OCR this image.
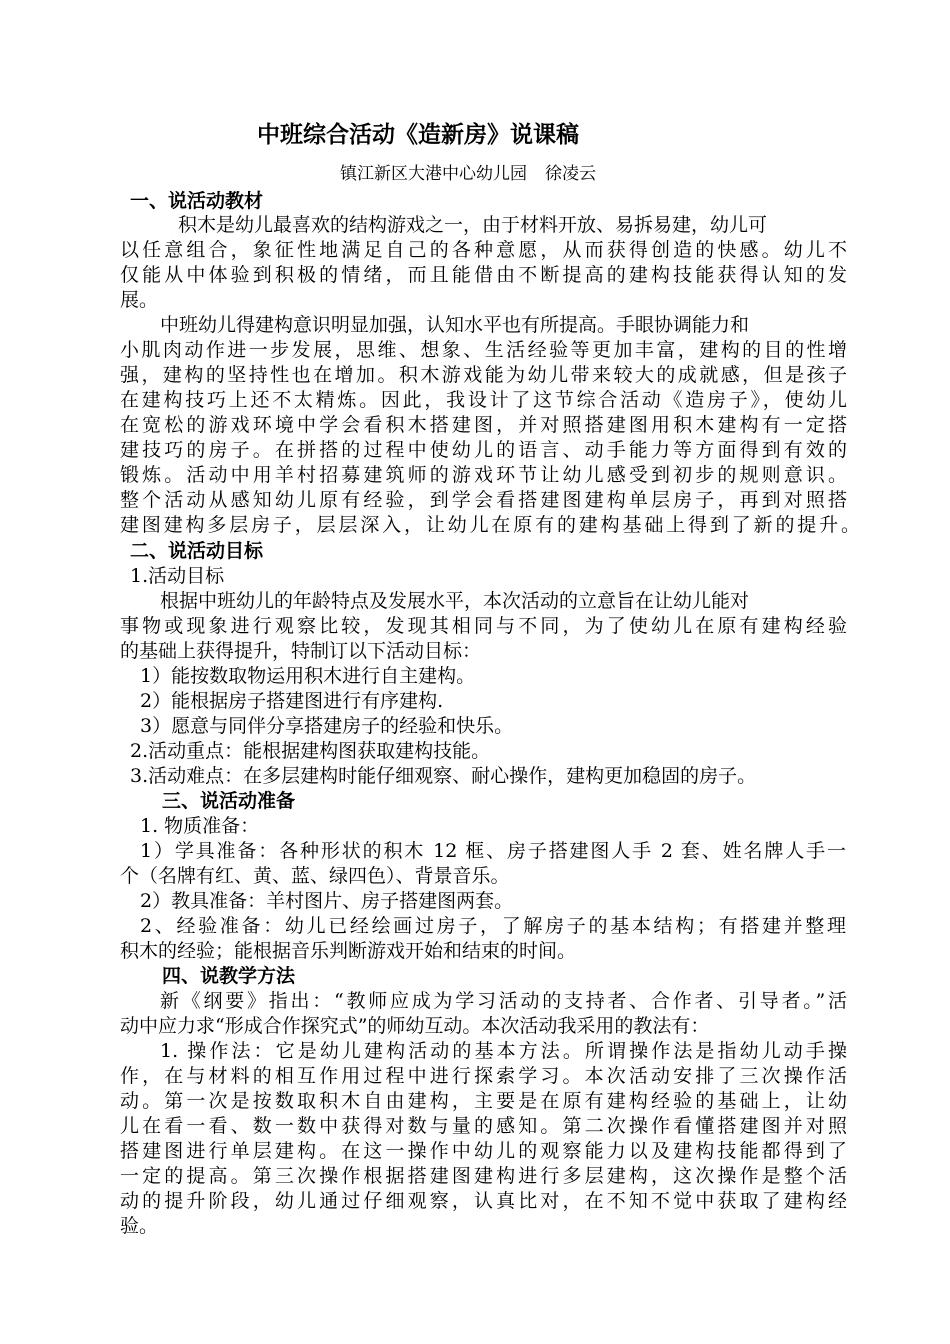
中班综合活动《造新房》说课稿
镇江新区大港中心幼儿园 徐凌云
一、说活动教材
积木是幼儿最喜欢的结构游戏之一，由于材料开放、易拆易建，幼儿可
以任意组合，象征性地满足自己的各种意愿，从而获得创造的快感。幼儿不
仅能从中体验到积极的情绪，而且能借由不断提高的建构技能获得认知的发
展。
中班幼儿得建构意识明显加强，认知水平也有所提高。手眼协调能力和
小肌肉动作进一步发展，思维、想象、生活经验等更加丰富，建构的目的性增
强，建构的坚持性也在增加。积木游戏能为幼儿带来较大的成就感，但是孩子
在建构技巧上还不太精炼。因此，我设计了这节综合活动《造房子》，使幼儿
在宽松的游戏环境中学会看积木搭建图，并对照搭建图用积木建构有一定搭
建技巧的房子。在拼搭的过程中使幼儿的语言、动手能力等方面得到有效的
锻炼。活动中用羊村招募建筑师的游戏环节让幼儿感受到初步的规则意识。
整个活动从感知幼儿原有经验，到学会看搭建图建构单层房子，再到对照搭
建图建构多层房子，层层深入，让幼儿在原有的建构基础上得到了新的提升。
二、说活动目标
1.活动目标
根据中班幼儿的年龄特点及发展水平，本次活动的立意旨在让幼儿能对
事物或现象进行观察比较，发现其相同与不同，为了使幼儿在原有建构经验
的基础上获得提升，特制订以下活动目标：
1）能按数取物运用积木进行自主建构。
2）能根据房子搭建图进行有序建构.
3）愿意与同伴分享搭建房子的经验和快乐。
2.活动重点：能根据建构图获取建构技能。
3.活动难点：在多层建构时能仔细观察、耐心操作，建构更加稳固的房子。
三、说活动准备
1. 物质准备：
1）学具准备：各种形状的积木 12 框、房子搭建图人手 2 套、姓名牌人手一
个（名牌有红、黄、蓝、绿四色）、背景音乐。
2）教具准备：羊村图片、房子搭建图两套。
2、经验准备：幼儿已经绘画过房子，了解房子的基本结构；有搭建并整理
积木的经验；能根据音乐判断游戏开始和结束的时间。
四、说教学方法
新《纲要》指出：“教师应成为学习活动的支持者、合作者、引导者。”活
动中应力求“形成合作探究式”的师幼互动。本次活动我采用的教法有：
1. 操作法：它是幼儿建构活动的基本方法。所谓操作法是指幼儿动手操
作，在与材料的相互作用过程中进行探索学习。本次活动安排了三次操作活
动。第一次是按数取积木自由建构，主要是在原有建构经验的基础上，让幼
儿在看一看、数一数中获得对数与量的感知。第二次操作看懂搭建图并对照
搭建图进行单层建构。在这一操作中幼儿的观察能力以及建构技能都得到了
一定的提高。第三次操作根据搭建图建构进行多层建构，这次操作是整个活
动的提升阶段，幼儿通过仔细观察，认真比对，在不知不觉中获取了建构经
验。
